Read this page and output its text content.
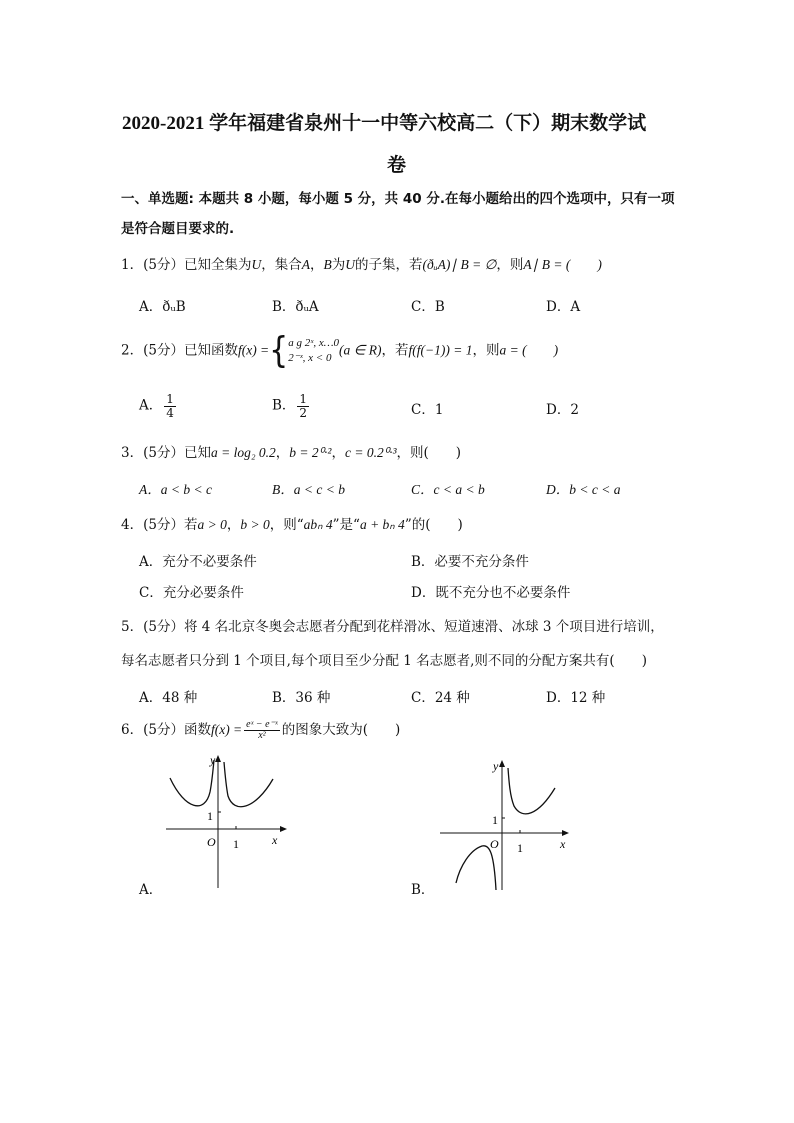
2020-2021 学年福建省泉州十一中等六校高二（下）期末数学试
卷
一、单选题: 本题共 8 小题，每小题 5 分，共 40 分.在每小题给出的四个选项中，只有一项
是符合题目要求的.
1．(5分）已知全集为U，集合A，B为U的子集，若(ðᵤA)∣ B = ∅，则A∣ B = (　　)
A．ðᵤB	B．ðᵤA	C．B	D．A
2．(5分）已知函数f(x) ={ a g 2ˣ, x…0
2⁻ˣ, x < 0
(a ∈ R)，若f(f(−1)) = 1，则a = (　　)
A． $\frac{1}{4}$	B． $\frac{1}{2}$	C．1	D．2
3．(5分）已知a = log₂ 0.2，b = 2⁰·²，c = 0.2⁰·³，则(　　)
A．a < b < c	B．a < c < b	C．c < a < b	D．b < c < a
4．(5分）若a > 0，b > 0，则“abₙ 4”是“a + bₙ 4”的(　　)
A．充分不必要条件	B．必要不充分条件
C．充分必要条件	D．既不充分也不必要条件
5．(5分）将 4 名北京冬奥会志愿者分配到花样滑冰、短道速滑、冰球 3 个项目进行培训，
每名志愿者只分到 1 个项目,每个项目至少分配 1 名志愿者,则不同的分配方案共有(　　)
A．48 种	B．36 种	C．24 种	D．12 种
6．(5分）函数$f(x) = \frac{\text{eˣ − e⁻ˣ}}{\text{x²}}$ 的图象大致为(　　)
y
x
O 1
1
A．
y
x
O 1
1
B．
